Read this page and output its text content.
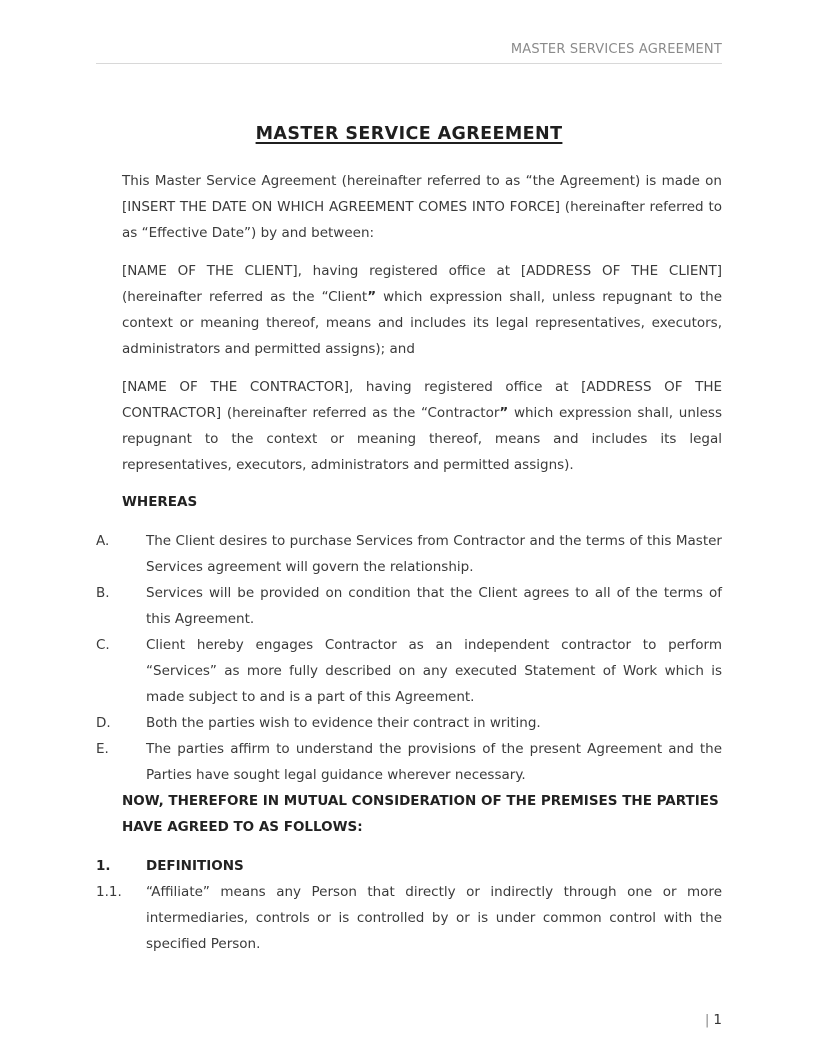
MASTER SERVICES AGREEMENT
MASTER SERVICE AGREEMENT

This Master Service Agreement (hereinafter referred to as “the Agreement) is made on [INSERT THE DATE ON WHICH AGREEMENT COMES INTO FORCE] (hereinafter referred to as “Effective Date”) by and between:

[NAME OF THE CLIENT], having registered office at [ADDRESS OF THE CLIENT] (hereinafter referred as the “Client” which expression shall, unless repugnant to the context or meaning thereof, means and includes its legal representatives, executors, administrators and permitted assigns); and

[NAME OF THE CONTRACTOR], having registered office at [ADDRESS OF THE CONTRACTOR] (hereinafter referred as the “Contractor” which expression shall, unless repugnant to the context or meaning thereof, means and includes its legal representatives, executors, administrators and permitted assigns).

WHEREAS

A.	The Client desires to purchase Services from Contractor and the terms of this Master Services agreement will govern the relationship.
B.	Services will be provided on condition that the Client agrees to all of the terms of this Agreement.
C.	Client hereby engages Contractor as an independent contractor to perform “Services” as more fully described on any executed Statement of Work which is made subject to and is a part of this Agreement.
D.	Both the parties wish to evidence their contract in writing.
E.	The parties affirm to understand the provisions of the present Agreement and the Parties have sought legal guidance wherever necessary.

NOW, THEREFORE IN MUTUAL CONSIDERATION OF THE PREMISES THE PARTIES HAVE AGREED TO AS FOLLOWS:

1.	DEFINITIONS
1.1.	“Affiliate” means any Person that directly or indirectly through one or more intermediaries, controls or is controlled by or is under common control with the specified Person.
| 1
